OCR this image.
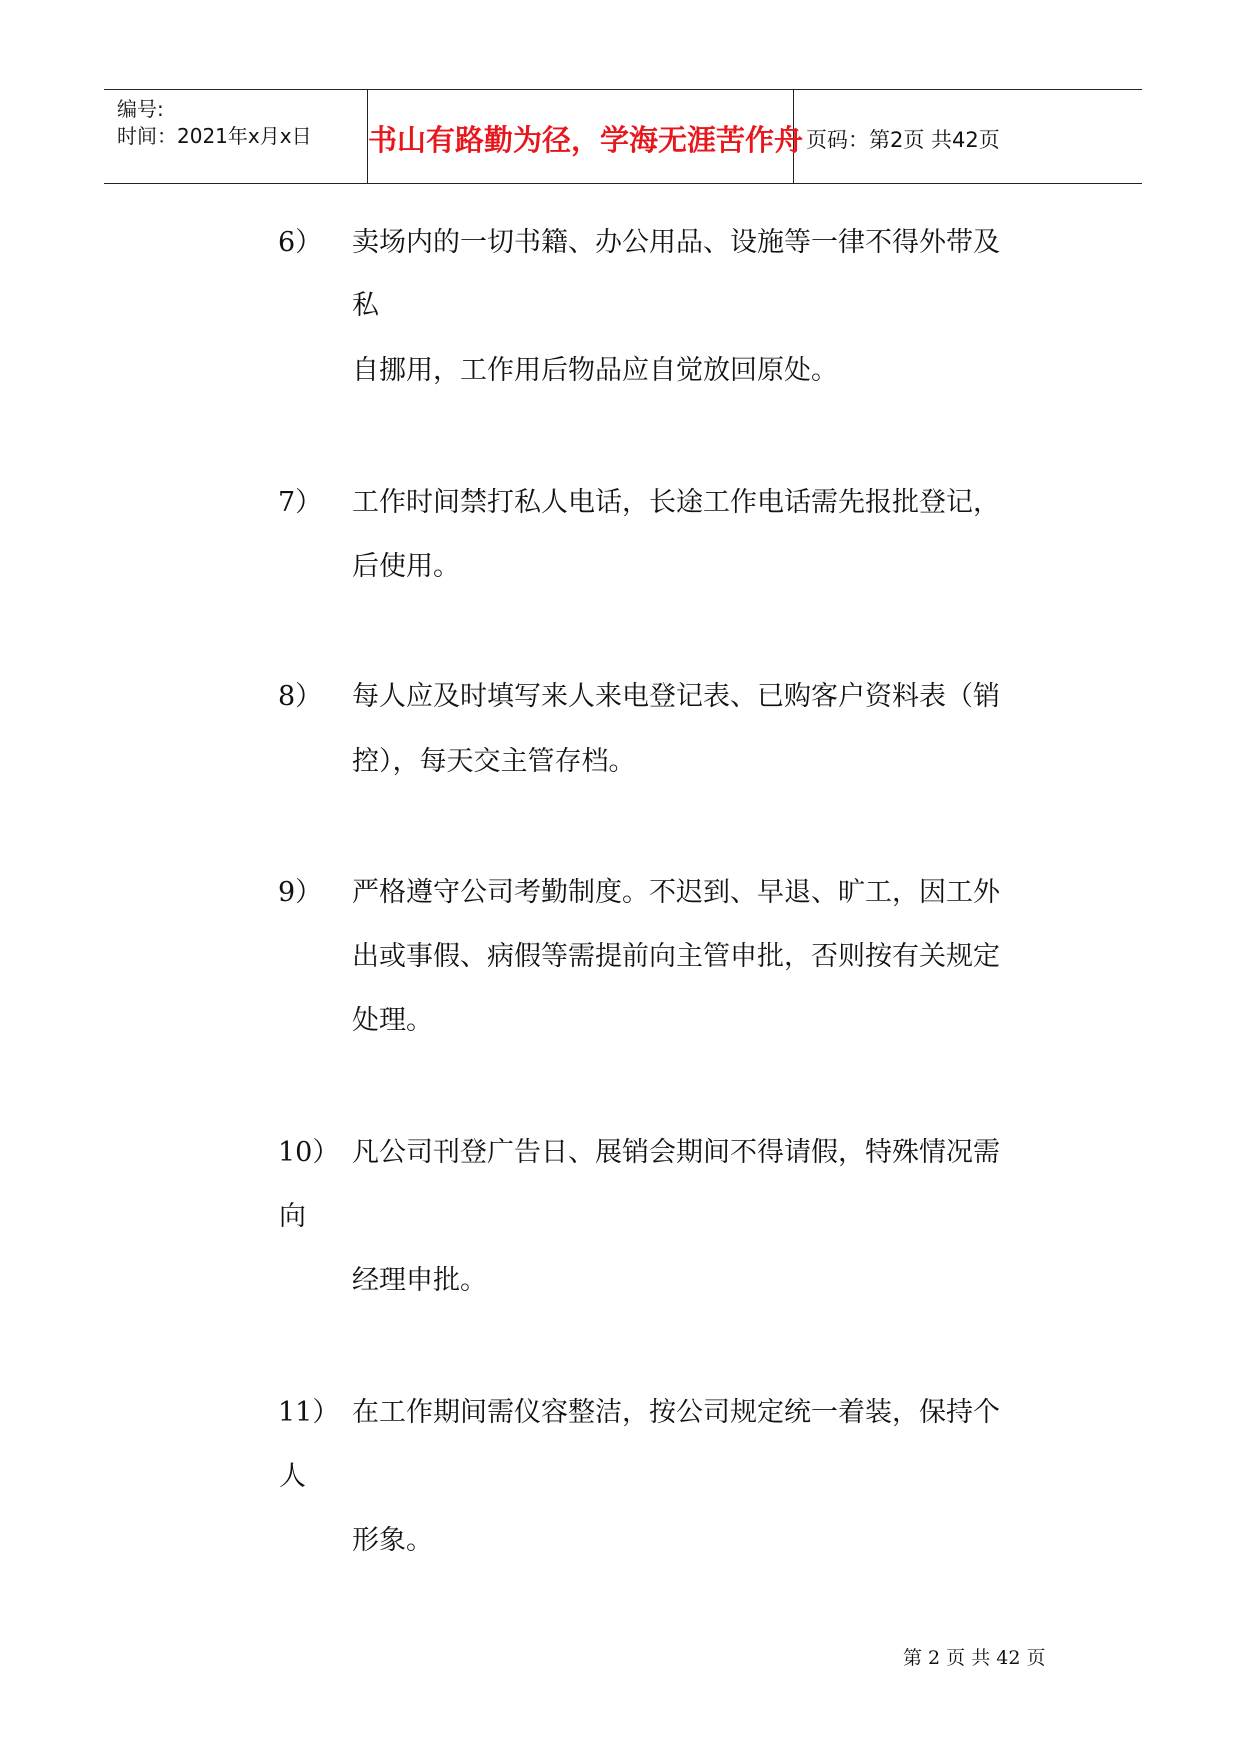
编号:
时间：2021年x月x日 书山有路勤为径，学海无涯苦作舟 页码：第2页 共42页
6） 卖场内的一切书籍、办公用品、设施等一律不得外带及
私
自挪用，工作用后物品应自觉放回原处。
7） 工作时间禁打私人电话，长途工作电话需先报批登记，
后使用。
8） 每人应及时填写来人来电登记表、已购客户资料表（销
控），每天交主管存档。
9） 严格遵守公司考勤制度。不迟到、早退、旷工，因工外
出或事假、病假等需提前向主管申批，否则按有关规定
处理。
10） 凡公司刊登广告日、展销会期间不得请假，特殊情况需
向
经理申批。
11） 在工作期间需仪容整洁，按公司规定统一着装，保持个
人
形象。
第 2 页 共 42 页
